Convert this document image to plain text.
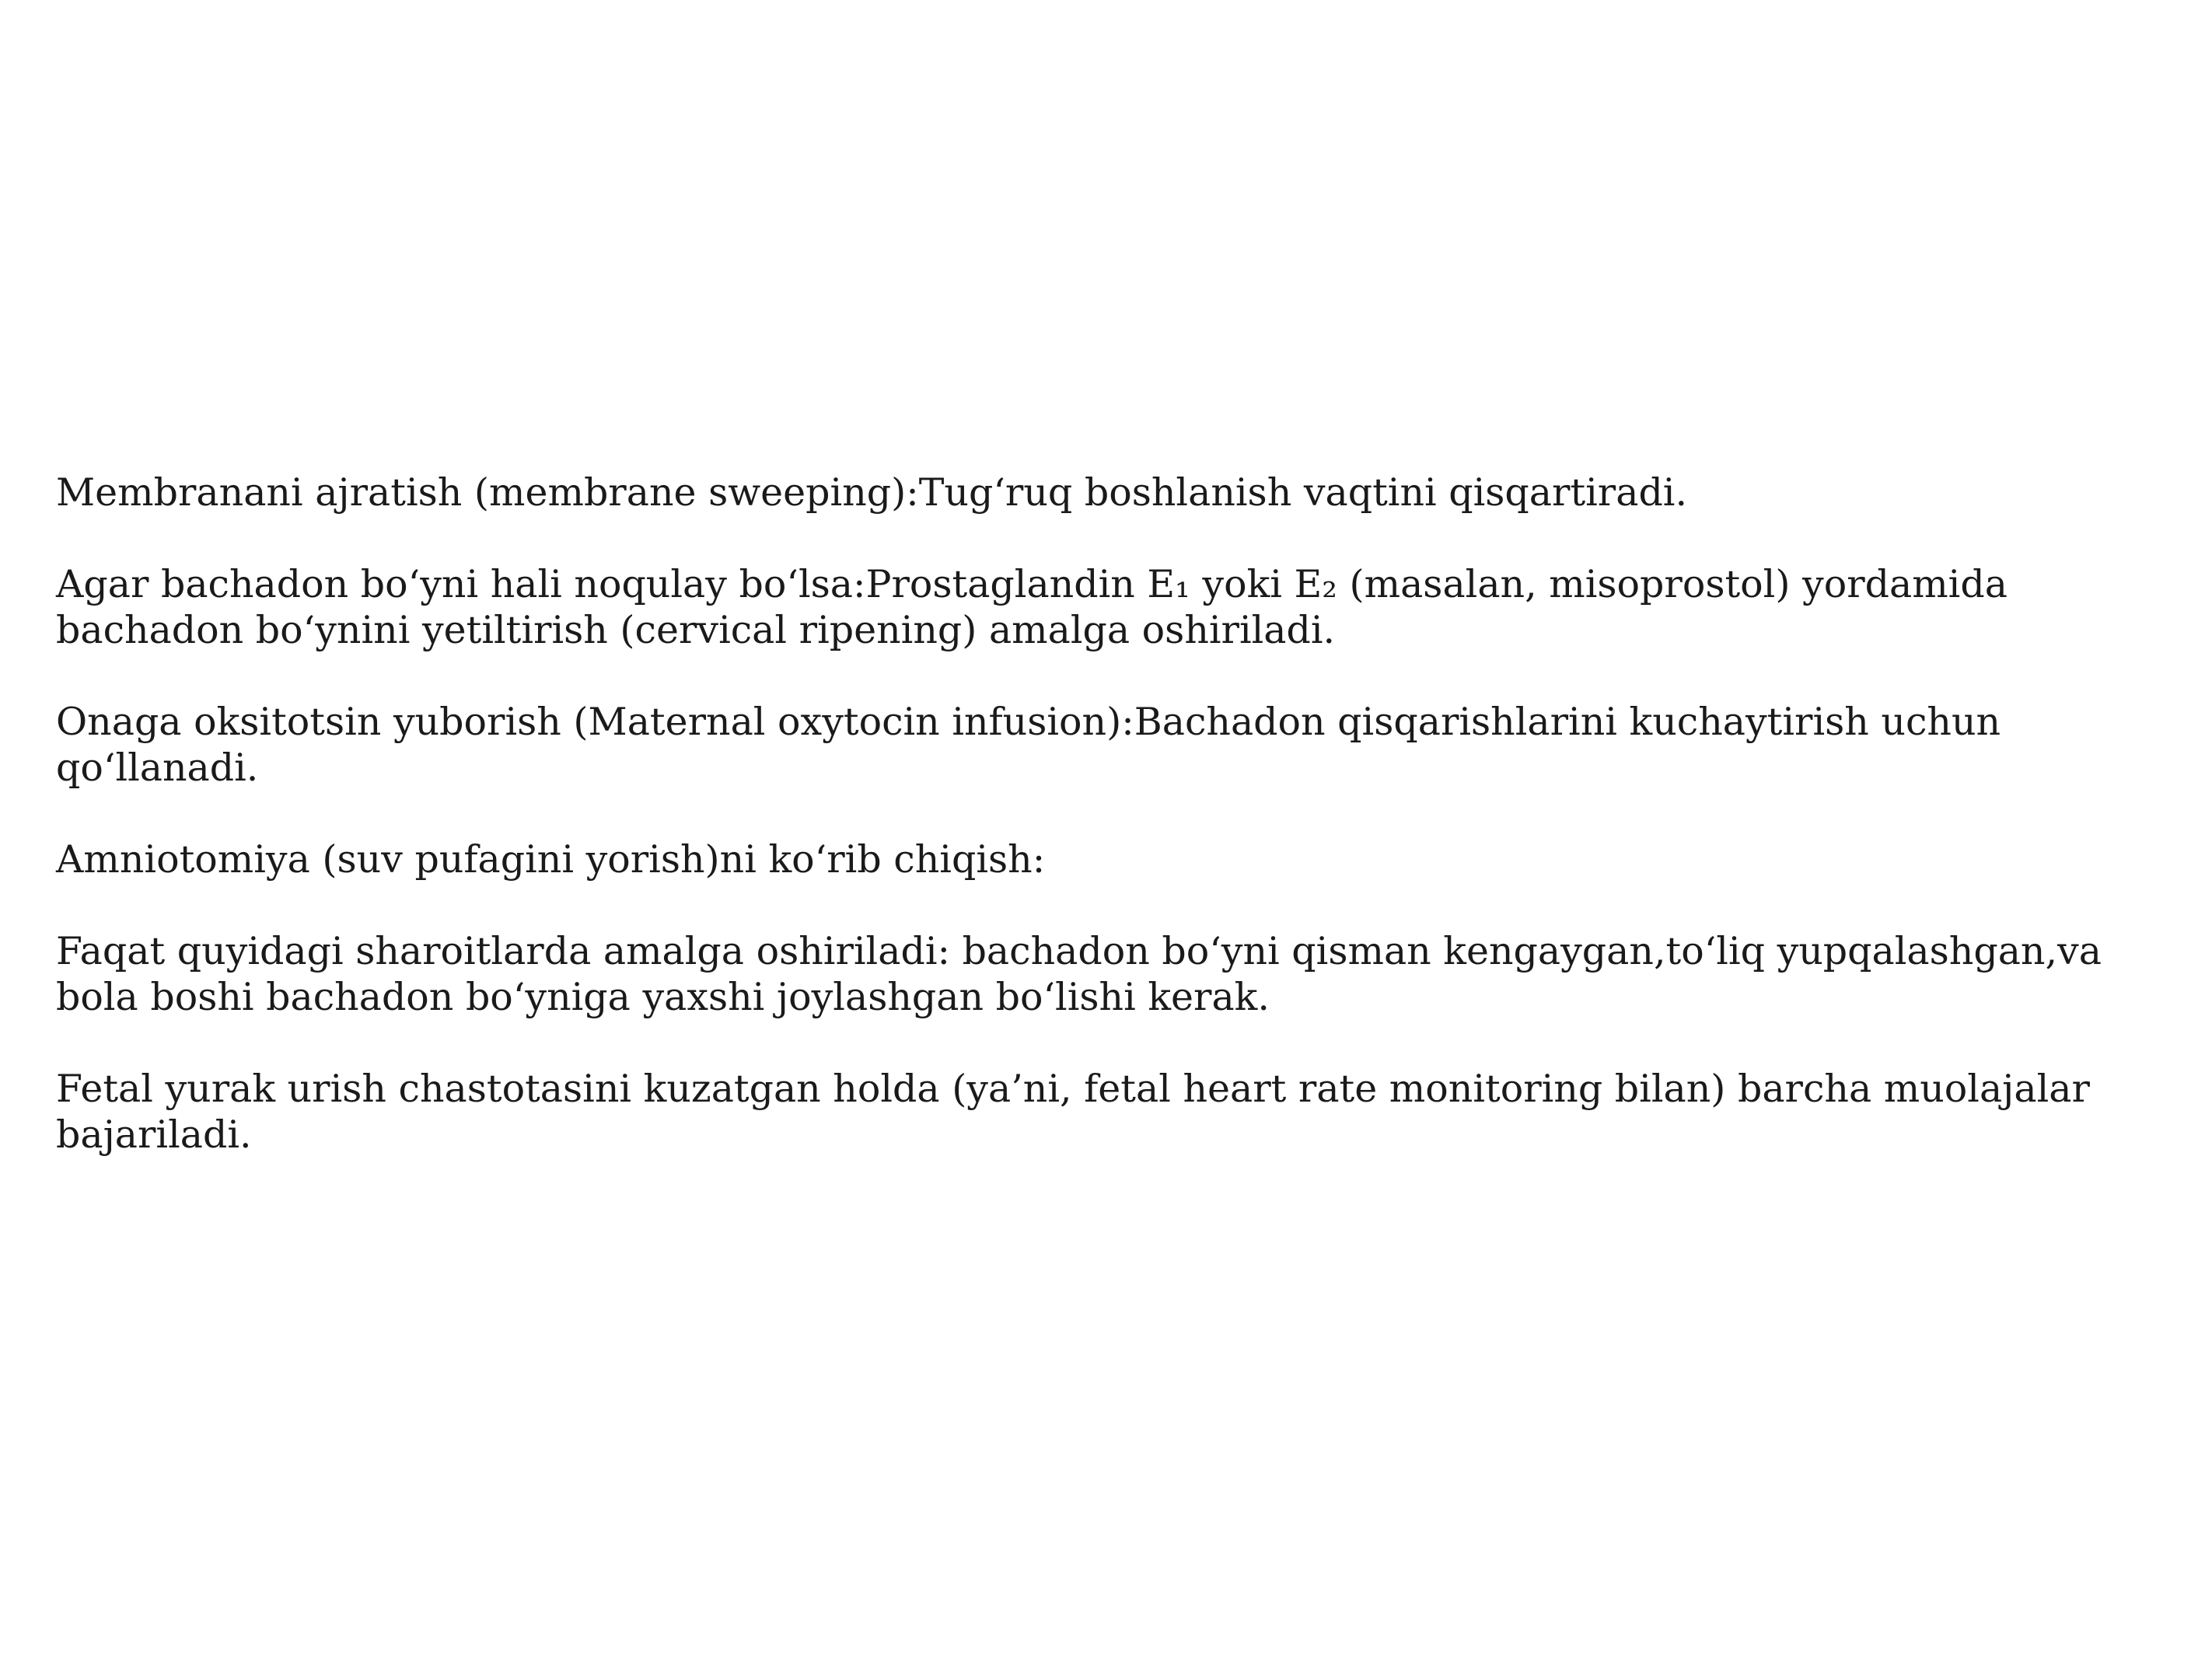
Membranani ajratish (membrane sweeping):Tug‘ruq boshlanish vaqtini qisqartiradi.

Agar bachadon bo‘yni hali noqulay bo‘lsa:Prostaglandin E₁ yoki E₂ (masalan, misoprostol) yordamida bachadon bo‘ynini yetiltirish (cervical ripening) amalga oshiriladi.

Onaga oksitotsin yuborish (Maternal oxytocin infusion):Bachadon qisqarishlarini kuchaytirish uchun qo‘llanadi.

Amniotomiya (suv pufagini yorish)ni ko‘rib chiqish:

Faqat quyidagi sharoitlarda amalga oshiriladi: bachadon bo‘yni qisman kengaygan,to‘liq yupqalashgan,va bola boshi bachadon bo‘yniga yaxshi joylashgan bo‘lishi kerak.

Fetal yurak urish chastotasini kuzatgan holda (ya’ni, fetal heart rate monitoring bilan) barcha muolajalar bajariladi.
